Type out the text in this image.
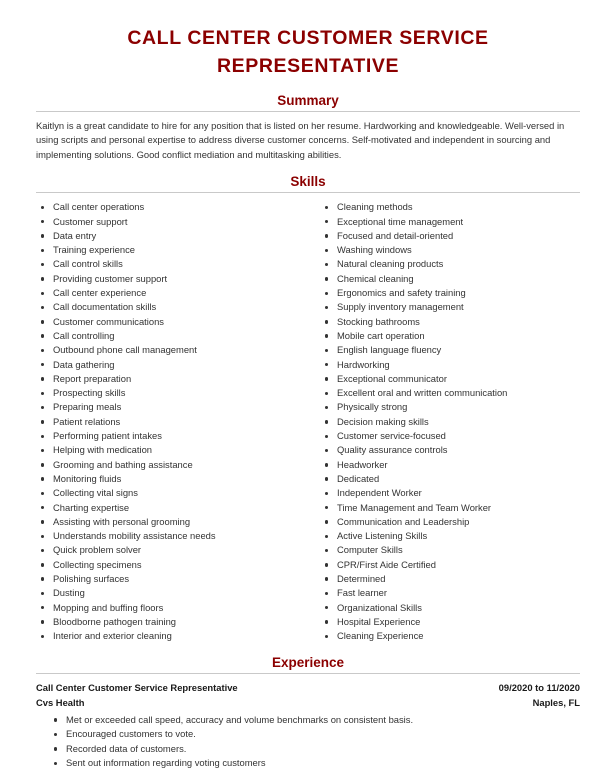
CALL CENTER CUSTOMER SERVICE
REPRESENTATIVE
Summary
Kaitlyn is a great candidate to hire for any position that is listed on her resume. Hardworking and knowledgeable. Well-versed in using scripts and personal expertise to address diverse customer concerns. Self-motivated and independent in sourcing and implementing solutions. Good conflict mediation and multitasking abilities.
Skills
Call center operations
Customer support
Data entry
Training experience
Call control skills
Providing customer support
Call center experience
Call documentation skills
Customer communications
Call controlling
Outbound phone call management
Data gathering
Report preparation
Prospecting skills
Preparing meals
Patient relations
Performing patient intakes
Helping with medication
Grooming and bathing assistance
Monitoring fluids
Collecting vital signs
Charting expertise
Assisting with personal grooming
Understands mobility assistance needs
Quick problem solver
Collecting specimens
Polishing surfaces
Dusting
Mopping and buffing floors
Bloodborne pathogen training
Interior and exterior cleaning
Cleaning methods
Exceptional time management
Focused and detail-oriented
Washing windows
Natural cleaning products
Chemical cleaning
Ergonomics and safety training
Supply inventory management
Stocking bathrooms
Mobile cart operation
English language fluency
Hardworking
Exceptional communicator
Excellent oral and written communication
Physically strong
Decision making skills
Customer service-focused
Quality assurance controls
Headworker
Dedicated
Independent Worker
Time Management and Team Worker
Communication and Leadership
Active Listening Skills
Computer Skills
CPR/First Aide Certified
Determined
Fast learner
Organizational Skills
Hospital Experience
Cleaning Experience
Experience
Call Center Customer Service Representative	09/2020 to 11/2020
Cvs Health	Naples, FL
Met or exceeded call speed, accuracy and volume benchmarks on consistent basis.
Encouraged customers to vote.
Recorded data of customers.
Sent out information regarding voting customers
